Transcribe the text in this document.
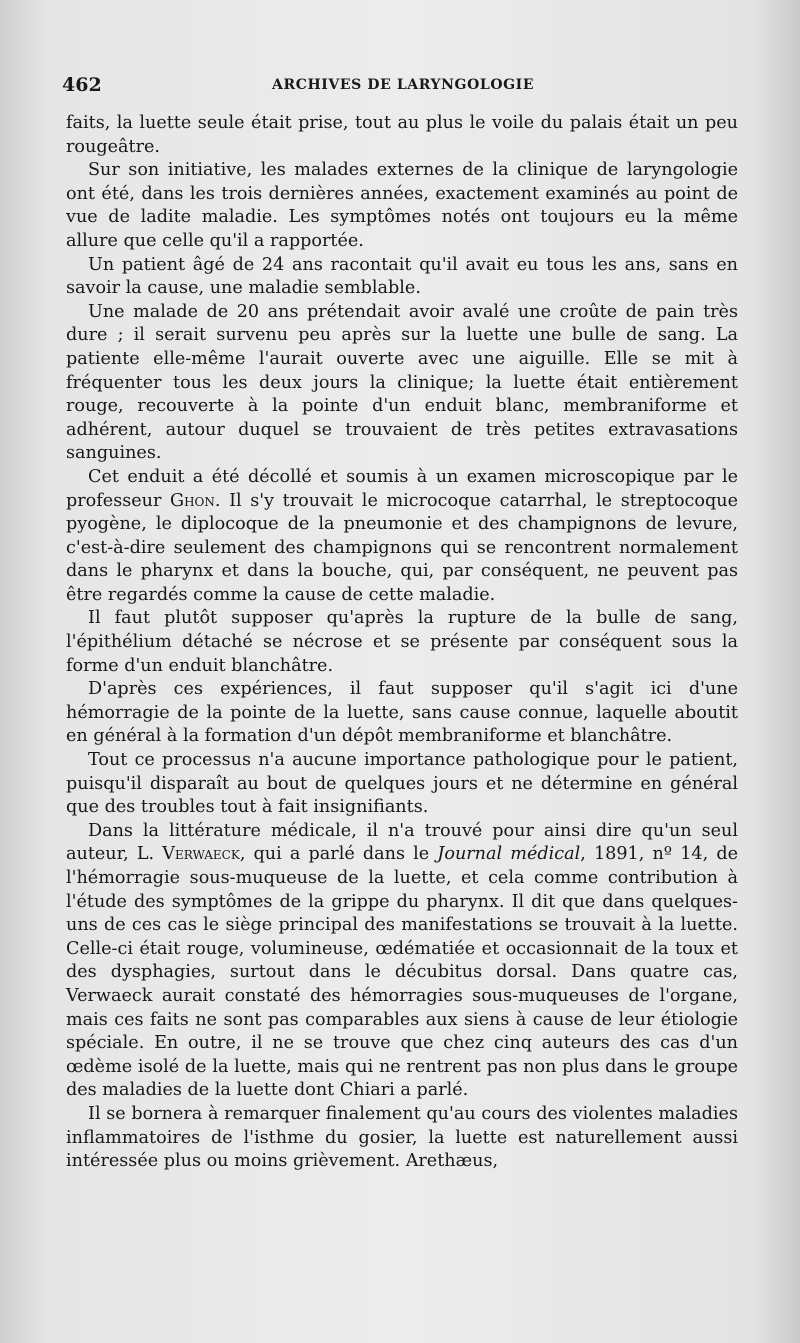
462	ARCHIVES DE LARYNGOLOGIE

faits, la luette seule était prise, tout au plus le voile du palais était un peu rougeâtre.

Sur son initiative, les malades externes de la clinique de laryngologie ont été, dans les trois dernières années, exactement examinés au point de vue de ladite maladie. Les symptômes notés ont toujours eu la même allure que celle qu'il a rapportée.

Un patient âgé de 24 ans racontait qu'il avait eu tous les ans, sans en savoir la cause, une maladie semblable.

Une malade de 20 ans prétendait avoir avalé une croûte de pain très dure ; il serait survenu peu après sur la luette une bulle de sang. La patiente elle-même l'aurait ouverte avec une aiguille. Elle se mit à fréquenter tous les deux jours la clinique; la luette était entièrement rouge, recouverte à la pointe d'un enduit blanc, membraniforme et adhérent, autour duquel se trouvaient de très petites extravasations sanguines.

Cet enduit a été décollé et soumis à un examen microscopique par le professeur Ghon. Il s'y trouvait le microcoque catarrhal, le streptocoque pyogène, le diplocoque de la pneumonie et des champignons de levure, c'est-à-dire seulement des champignons qui se rencontrent normalement dans le pharynx et dans la bouche, qui, par conséquent, ne peuvent pas être regardés comme la cause de cette maladie.

Il faut plutôt supposer qu'après la rupture de la bulle de sang, l'épithélium détaché se nécrose et se présente par conséquent sous la forme d'un enduit blanchâtre.

D'après ces expériences, il faut supposer qu'il s'agit ici d'une hémorragie de la pointe de la luette, sans cause connue, laquelle aboutit en général à la formation d'un dépôt membraniforme et blanchâtre.

Tout ce processus n'a aucune importance pathologique pour le patient, puisqu'il disparaît au bout de quelques jours et ne détermine en général que des troubles tout à fait insignifiants.

Dans la littérature médicale, il n'a trouvé pour ainsi dire qu'un seul auteur, L. Verwaeck, qui a parlé dans le Journal médical, 1891, nº 14, de l'hémorragie sous-muqueuse de la luette, et cela comme contribution à l'étude des symptômes de la grippe du pharynx. Il dit que dans quelques-uns de ces cas le siège principal des manifestations se trouvait à la luette. Celle-ci était rouge, volumineuse, œdématiée et occasionnait de la toux et des dysphagies, surtout dans le décubitus dorsal. Dans quatre cas, Verwaeck aurait constaté des hémorragies sous-muqueuses de l'organe, mais ces faits ne sont pas comparables aux siens à cause de leur étiologie spéciale. En outre, il ne se trouve que chez cinq auteurs des cas d'un œdème isolé de la luette, mais qui ne rentrent pas non plus dans le groupe des maladies de la luette dont Chiari a parlé.

Il se bornera à remarquer finalement qu'au cours des violentes maladies inflammatoires de l'isthme du gosier, la luette est naturellement aussi intéressée plus ou moins grièvement. Arethæus,
